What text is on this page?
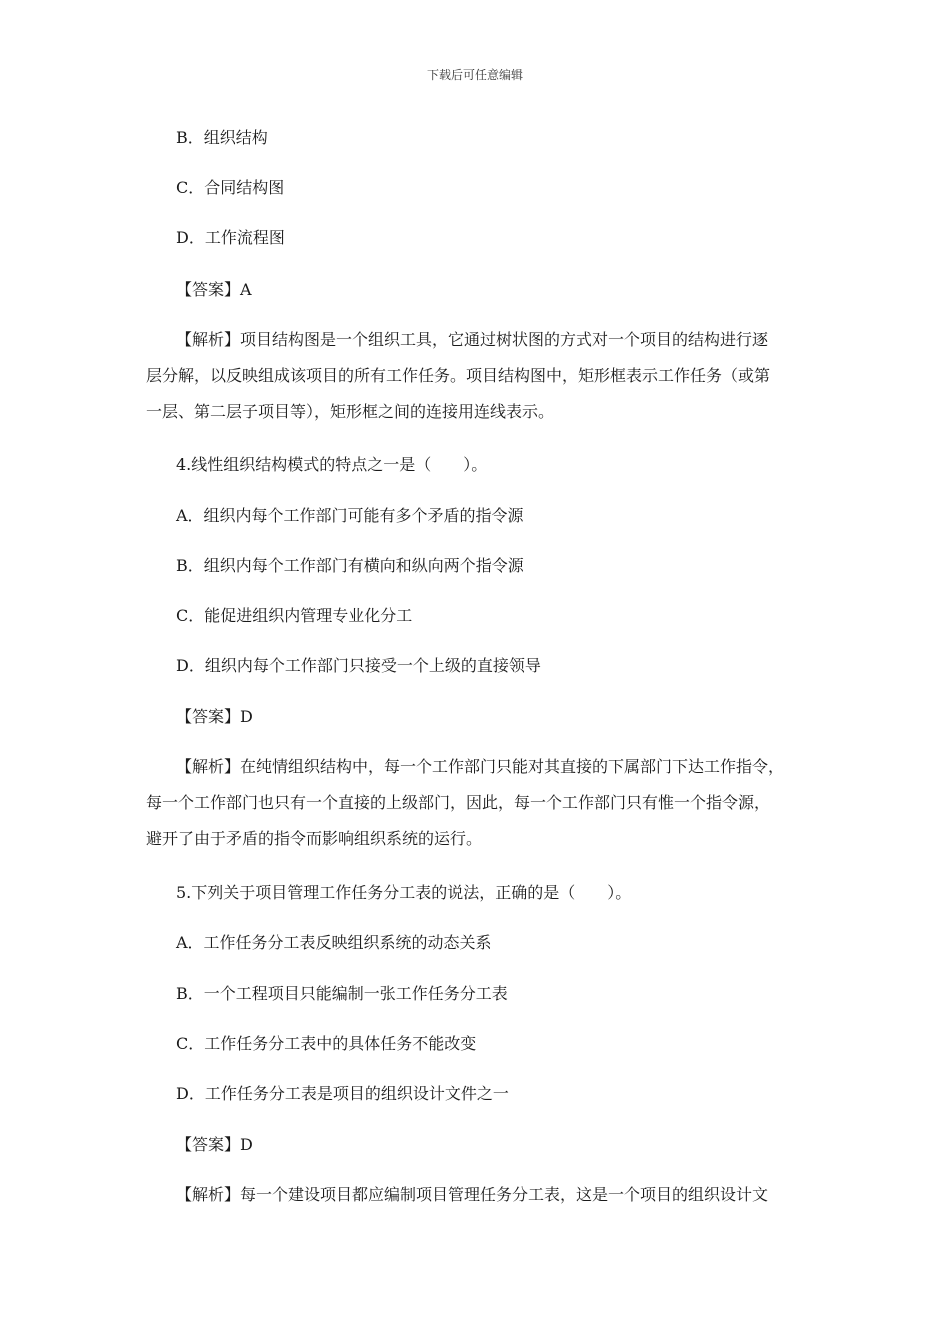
下载后可任意编辑
B．组织结构
C．合同结构图
D．工作流程图
【答案】A
【解析】项目结构图是一个组织工具，它通过树状图的方式对一个项目的结构进行逐
层分解，以反映组成该项目的所有工作任务。项目结构图中，矩形框表示工作任务（或第
一层、第二层子项目等），矩形框之间的连接用连线表示。
4.线性组织结构模式的特点之一是（　　）。
A．组织内每个工作部门可能有多个矛盾的指令源
B．组织内每个工作部门有横向和纵向两个指令源
C．能促进组织内管理专业化分工
D．组织内每个工作部门只接受一个上级的直接领导
【答案】D
【解析】在纯情组织结构中，每一个工作部门只能对其直接的下属部门下达工作指令，
每一个工作部门也只有一个直接的上级部门，因此，每一个工作部门只有惟一个指令源，
避开了由于矛盾的指令而影响组织系统的运行。
5.下列关于项目管理工作任务分工表的说法，正确的是（　　）。
A．工作任务分工表反映组织系统的动态关系
B．一个工程项目只能编制一张工作任务分工表
C．工作任务分工表中的具体任务不能改变
D．工作任务分工表是项目的组织设计文件之一
【答案】D
【解析】每一个建设项目都应编制项目管理任务分工表，这是一个项目的组织设计文
